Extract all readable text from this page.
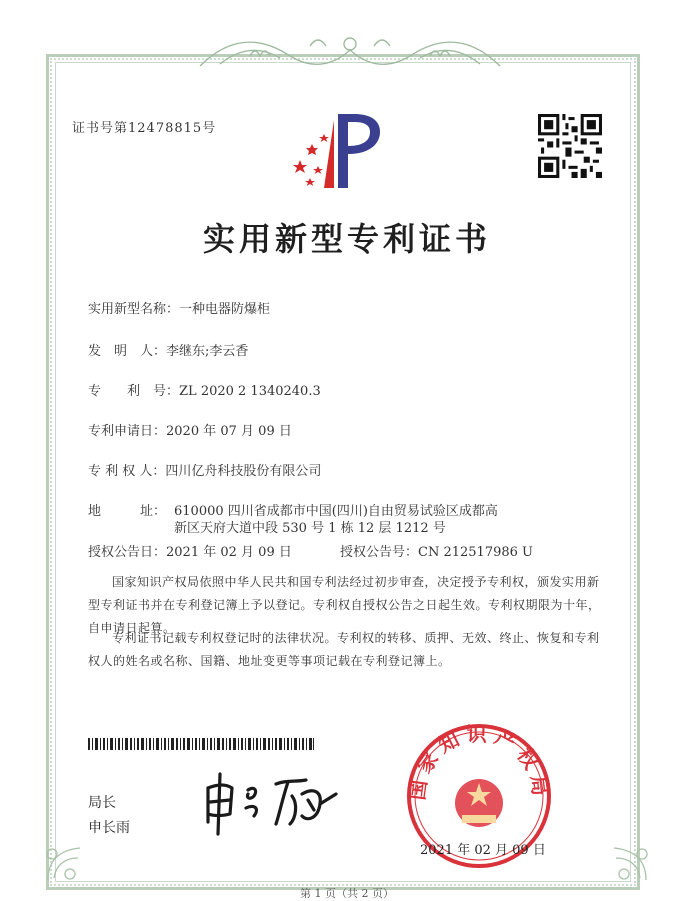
证书号第12478815号
实用新型专利证书
实用新型名称：一种电器防爆柜
发　明　人：李继东;李云香
专　　利　号：ZL 2020 2 1340240.3
专利申请日：2020 年 07 月 09 日
专 利 权 人：四川亿舟科技股份有限公司
地　　　址： 610000 四川省成都市中国(四川)自由贸易试验区成都高
新区天府大道中段 530 号 1 栋 12 层 1212 号
授权公告日：2021 年 02 月 09 日	授权公告号：CN 212517986 U
国家知识产权局依照中华人民共和国专利法经过初步审查，决定授予专利权，颁发实用新型专利证书并在专利登记簿上予以登记。专利权自授权公告之日起生效。专利权期限为十年，自申请日起算。
专利证书记载专利权登记时的法律状况。专利权的转移、质押、无效、终止、恢复和专利权人的姓名或名称、国籍、地址变更等事项记载在专利登记簿上。
局长
申长雨
国家知识产权局
2021 年 02 月 09 日
第 1 页（共 2 页）
